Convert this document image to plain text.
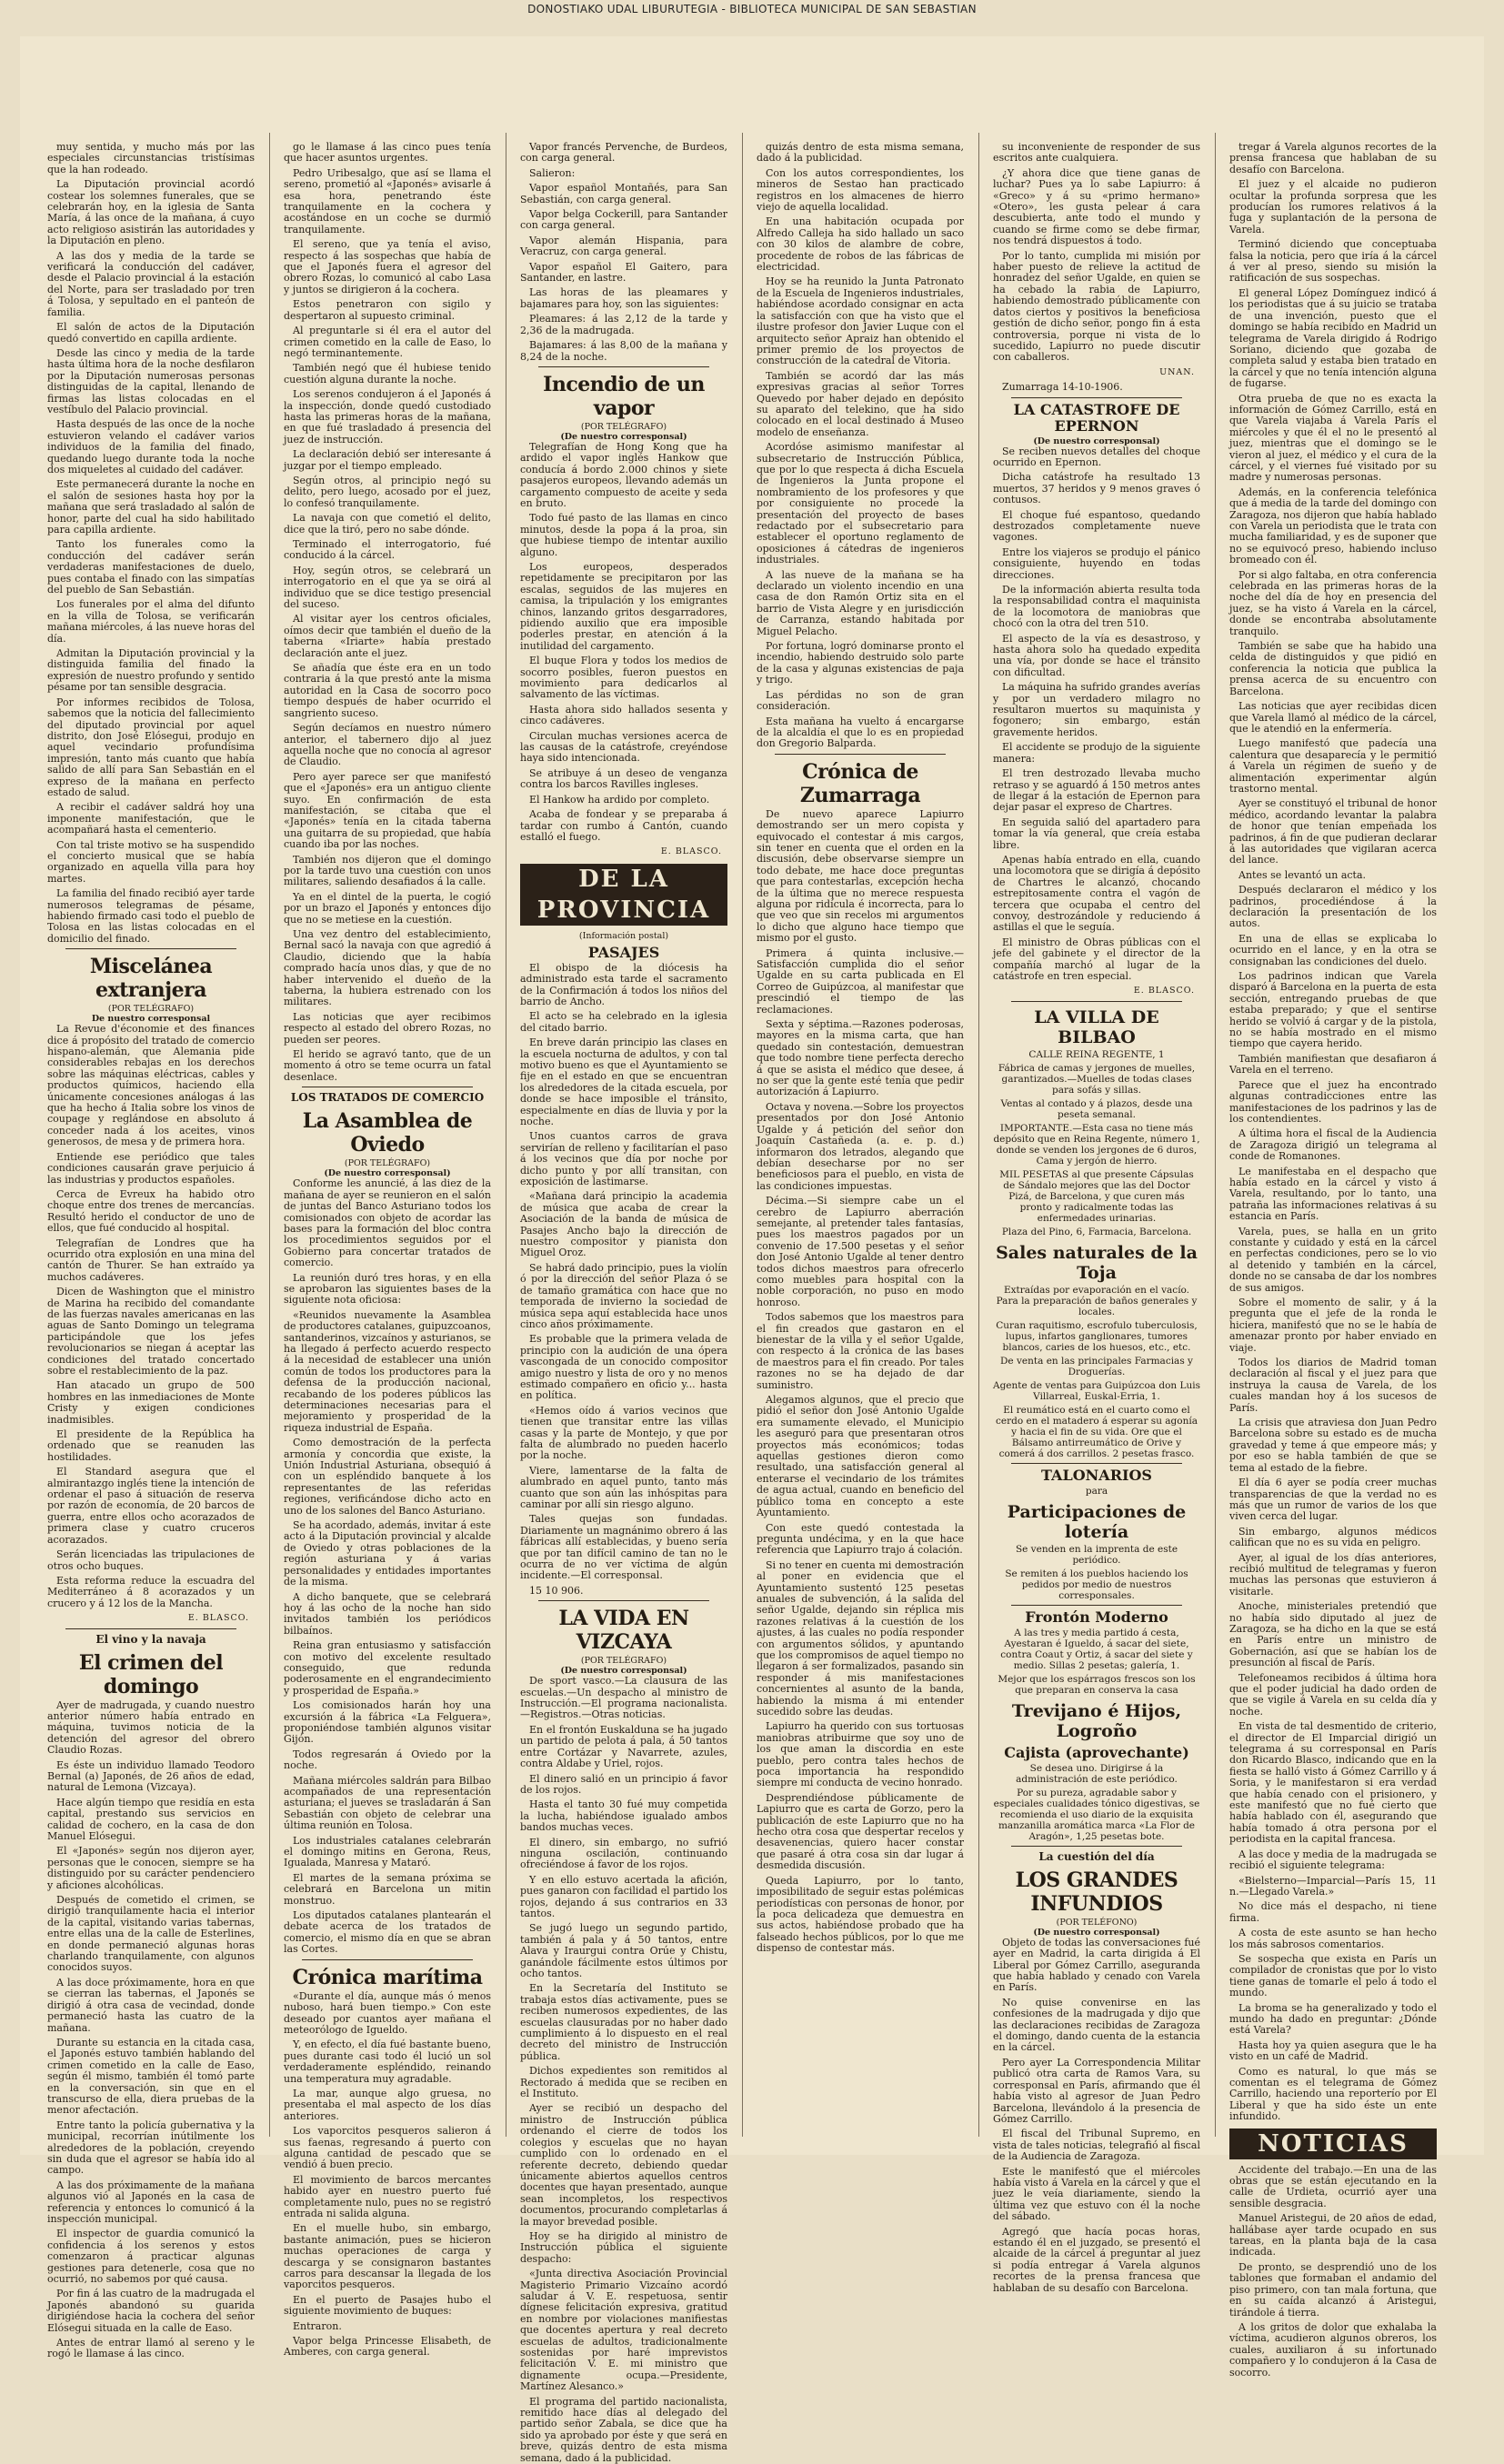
DONOSTIAKO UDAL LIBURUTEGIA - BIBLIOTECA MUNICIPAL DE SAN SEBASTIAN

muy sentida, y mucho más por las especiales circunstancias tristísimas que la han rodeado.

La Diputación provincial acordó costear los solemnes funerales, que se celebrarán hoy, en la iglesia de Santa María, á las once de la mañana, á cuyo acto religioso asistirán las autoridades y la Diputación en pleno.

A las dos y media de la tarde se verificará la conducción del cadáver, desde el Palacio provincial á la estación del Norte, para ser trasladado por tren á Tolosa, y sepultado en el panteón de familia.

El salón de actos de la Diputación quedó convertido en capilla ardiente.

Desde las cinco y media de la tarde hasta última hora de la noche desfilaron por la Diputación numerosas personas distinguidas de la capital, llenando de firmas las listas colocadas en el vestíbulo del Palacio provincial.

Hasta después de las once de la noche estuvieron velando el cadáver varios individuos de la familia del finado, quedando luego durante toda la noche dos miqueletes al cuidado del cadáver.

Este permanecerá durante la noche en el salón de sesiones hasta hoy por la mañana que será trasladado al salón de honor, parte del cual ha sido habilitado para capilla ardiente.

Tanto los funerales como la conducción del cadáver serán verdaderas manifestaciones de duelo, pues contaba el finado con las simpatías del pueblo de San Sebastián.

Los funerales por el alma del difunto en la villa de Tolosa, se verificarán mañana miércoles, á las nueve horas del día.

Admitan la Diputación provincial y la distinguida familia del finado la expresión de nuestro profundo y sentido pésame por tan sensible desgracia.

Por informes recibidos de Tolosa, sabemos que la noticia del fallecimiento del diputado provincial por aquel distrito, don José Elósegui, produjo en aquel vecindario profundísima impresión, tanto más cuanto que había salido de allí para San Sebastián en el expreso de la mañana en perfecto estado de salud.

A recibir el cadáver saldrá hoy una imponente manifestación, que le acompañará hasta el cementerio.

Con tal triste motivo se ha suspendido el concierto musical que se había organizado en aquella villa para hoy martes.

La familia del finado recibió ayer tarde numerosos telegramas de pésame, habiendo firmado casi todo el pueblo de Tolosa en las listas colocadas en el domicilio del finado.

Miscelánea extranjera
(POR TELÉGRAFO)
De nuestro corresponsal

La Revue d'économie et des finances dice á propósito del tratado de comercio hispano-alemán, que Alemania pide considerables rebajas en los derechos sobre las máquinas eléctricas, cables y productos químicos, haciendo ella únicamente concesiones análogas á las que ha hecho á Italia sobre los vinos de coupage y reglándose en absoluto á conceder nada á los aceites, vinos generosos, de mesa y de primera hora.

Entiende ese periódico que tales condiciones causarán grave perjuicio á las industrias y productos españoles.

Cerca de Evreux ha habido otro choque entre dos trenes de mercancías. Resultó herido el conductor de uno de ellos, que fué conducido al hospital.

Telegrafían de Londres que ha ocurrido otra explosión en una mina del cantón de Thurer. Se han extraído ya muchos cadáveres.

Dicen de Washington que el ministro de Marina ha recibido del comandante de las fuerzas navales americanas en las aguas de Santo Domingo un telegrama participándole que los jefes revolucionarios se niegan á aceptar las condiciones del tratado concertado sobre el restablecimiento de la paz.

Han atacado un grupo de 500 hombres en las inmediaciones de Monte Cristy y exigen condiciones inadmisibles.

El presidente de la República ha ordenado que se reanuden las hostilidades.

El Standard asegura que el almirantazgo inglés tiene la intención de ordenar el paso á situación de reserva por razón de economía, de 20 barcos de guerra, entre ellos ocho acorazados de primera clase y cuatro cruceros acorazados.

Serán licenciadas las tripulaciones de otros ocho buques.

Esta reforma reduce la escuadra del Mediterráneo á 8 acorazados y un crucero y á 12 los de la Mancha.

E. BLASCO.
El vino y la navaja
El crimen del domingo

Ayer de madrugada, y cuando nuestro anterior número había entrado en máquina, tuvimos noticia de la detención del agresor del obrero Claudio Rozas.

Es éste un individuo llamado Teodoro Bernal (a) Japonés, de 26 años de edad, natural de Lemona (Vizcaya).

Hace algún tiempo que residía en esta capital, prestando sus servicios en calidad de cochero, en la casa de don Manuel Elósegui.

El «Japonés» según nos dijeron ayer, personas que le conocen, siempre se ha distinguido por su carácter pendenciero y aficiones alcohólicas.

Después de cometido el crimen, se dirigió tranquilamente hacia el interior de la capital, visitando varias tabernas, entre ellas una de la calle de Esterlines, en donde permaneció algunas horas charlando tranquilamente, con algunos conocidos suyos.

A las doce próximamente, hora en que se cierran las tabernas, el Japonés se dirigió á otra casa de vecindad, donde permaneció hasta las cuatro de la mañana.

Durante su estancia en la citada casa, el Japonés estuvo también hablando del crimen cometido en la calle de Easo, según él mismo, también él tomó parte en la conversación, sin que en el transcurso de ella, diera pruebas de la menor afectación.

Entre tanto la policía gubernativa y la municipal, recorrían inútilmente los alrededores de la población, creyendo sin duda que el agresor se había ido al campo.

A las dos próximamente de la mañana algunos vió al Japonés en la casa de referencia y entonces lo comunicó á la inspección municipal.

El inspector de guardia comunicó la confidencia á los serenos y estos comenzaron á practicar algunas gestiones para detenerle, cosa que no ocurrió, no sabemos por qué causa.

Por fin á las cuatro de la madrugada el Japonés abandonó su guarida dirigiéndose hacia la cochera del señor Elósegui situada en la calle de Easo.

Antes de entrar llamó al sereno y le rogó le llamase á las cinco.

go le llamase á las cinco pues tenía que hacer asuntos urgentes.

Pedro Uribesalgo, que así se llama el sereno, prometió al «Japonés» avisarle á esa hora, penetrando éste tranquilamente en la cochera y acostándose en un coche se durmió tranquilamente.

El sereno, que ya tenía el aviso, respecto á las sospechas que había de que el Japonés fuera el agresor del obrero Rozas, lo comunicó al cabo Lasa y juntos se dirigieron á la cochera.

Estos penetraron con sigilo y despertaron al supuesto criminal.

Al preguntarle si él era el autor del crimen cometido en la calle de Easo, lo negó terminantemente.

También negó que él hubiese tenido cuestión alguna durante la noche.

Los serenos condujeron á el Japonés á la inspección, donde quedó custodiado hasta las primeras horas de la mañana, en que fué trasladado á presencia del juez de instrucción.

La declaración debió ser interesante á juzgar por el tiempo empleado.

Según otros, al principio negó su delito, pero luego, acosado por el juez, lo confesó tranquilamente.

La navaja con que cometió el delito, dice que la tiró, pero no sabe dónde.

Terminado el interrogatorio, fué conducido á la cárcel.

Hoy, según otros, se celebrará un interrogatorio en el que ya se oirá al individuo que se dice testigo presencial del suceso.

Al visitar ayer los centros oficiales, oímos decir que también el dueño de la taberna «Iriarte» había prestado declaración ante el juez.

Se añadía que éste era en un todo contraria á la que prestó ante la misma autoridad en la Casa de socorro poco tiempo después de haber ocurrido el sangriento suceso.

Según decíamos en nuestro número anterior, el tabernero dijo al juez aquella noche que no conocía al agresor de Claudio.

Pero ayer parece ser que manifestó que el «Japonés» era un antiguo cliente suyo. En confirmación de esta manifestación, se citaba que el «Japonés» tenía en la citada taberna una guitarra de su propiedad, que había cuando iba por las noches.

También nos dijeron que el domingo por la tarde tuvo una cuestión con unos militares, saliendo desafiados á la calle.

Ya en el dintel de la puerta, le cogió por un brazo el Japonés y entonces dijo que no se metiese en la cuestión.

Una vez dentro del establecimiento, Bernal sacó la navaja con que agredió á Claudio, diciendo que la había comprado hacía unos días, y que de no haber intervenido el dueño de la taberna, la hubiera estrenado con los militares.

Las noticias que ayer recibimos respecto al estado del obrero Rozas, no pueden ser peores.

El herido se agravó tanto, que de un momento á otro se teme ocurra un fatal desenlace.

LOS TRATADOS DE COMERCIO
La Asamblea de Oviedo
(POR TELÉGRAFO)
(De nuestro corresponsal)

Conforme les anuncié, á las diez de la mañana de ayer se reunieron en el salón de juntas del Banco Asturiano todos los comisionados con objeto de acordar las bases para la formación del bloc contra los procedimientos seguidos por el Gobierno para concertar tratados de comercio.

La reunión duró tres horas, y en ella se aprobaron las siguientes bases de la siguiente nota oficiosa:

«Reunidos nuevamente la Asamblea de productores catalanes, guipuzcoanos, santanderinos, vizcaínos y asturianos, se ha llegado á perfecto acuerdo respecto á la necesidad de establecer una unión común de todos los productores para la defensa de la producción nacional, recabando de los poderes públicos las determinaciones necesarias para el mejoramiento y prosperidad de la riqueza industrial de España.

Como demostración de la perfecta armonía y concordia que existe, la Unión Industrial Asturiana, obsequió á con un espléndido banquete á los representantes de las referidas regiones, verificándose dicho acto en uno de los salones del Banco Asturiano.

Se ha acordado, además, invitar á este acto á la Diputación provincial y alcalde de Oviedo y otras poblaciones de la región asturiana y á varias personalidades y entidades importantes de la misma.

A dicho banquete, que se celebrará hoy á las ocho de la noche han sido invitados también los periódicos bilbaínos.

Reina gran entusiasmo y satisfacción con motivo del excelente resultado conseguido, que redunda poderosamente en el engrandecimiento y prosperidad de España.»

Los comisionados harán hoy una excursión á la fábrica «La Felguera», proponiéndose también algunos visitar Gijón.

Todos regresarán á Oviedo por la noche.

Mañana miércoles saldrán para Bilbao acompañados de una representación asturiana; el jueves se trasladarán á San Sebastián con objeto de celebrar una última reunión en Tolosa.

Los industriales catalanes celebrarán el domingo mitins en Gerona, Reus, Igualada, Manresa y Mataró.

El martes de la semana próxima se celebrará en Barcelona un mitin monstruo.

Los diputados catalanes plantearán el debate acerca de los tratados de comercio, el mismo día en que se abran las Cortes.

Crónica marítima

«Durante el día, aunque más ó menos nuboso, hará buen tiempo.» Con este deseado por cuantos ayer mañana el meteorólogo de Igueldo.

Y, en efecto, el día fué bastante bueno, pues durante casi todo él lució un sol verdaderamente espléndido, reinando una temperatura muy agradable.

La mar, aunque algo gruesa, no presentaba el mal aspecto de los días anteriores.

Los vaporcitos pesqueros salieron á sus faenas, regresando á puerto con alguna cantidad de pescado que se vendió á buen precio.

El movimiento de barcos mercantes habido ayer en nuestro puerto fué completamente nulo, pues no se registró entrada ni salida alguna.

En el muelle hubo, sin embargo, bastante animación, pues se hicieron muchas operaciones de carga y descarga y se consignaron bastantes carros para descansar la llegada de los vaporcitos pesqueros.

En el puerto de Pasajes hubo el siguiente movimiento de buques:

Entraron.

Vapor belga Princesse Elisabeth, de Amberes, con carga general.

Vapor francés Pervenche, de Burdeos, con carga general.

Salieron:

Vapor español Montañés, para San Sebastián, con carga general.

Vapor belga Cockerill, para Santander con carga general.

Vapor alemán Hispania, para Veracruz, con carga general.

Vapor español El Gaitero, para Santander, en lastre.

Las horas de las pleamares y bajamares para hoy, son las siguientes:

Pleamares: á las 2,12 de la tarde y 2,36 de la madrugada.

Bajamares: á las 8,00 de la mañana y 8,24 de la noche.

Incendio de un vapor
(POR TELÉGRAFO)
(De nuestro corresponsal)

Telegrafían de Hong Kong que ha ardido el vapor inglés Hankow que conducía á bordo 2.000 chinos y siete pasajeros europeos, llevando además un cargamento compuesto de aceite y seda en bruto.

Todo fué pasto de las llamas en cinco minutos, desde la popa á la proa, sin que hubiese tiempo de intentar auxilio alguno.

Los europeos, desperados repetidamente se precipitaron por las escalas, seguidos de las mujeres en camisa, la tripulación y los emigrantes chinos, lanzando gritos desgarradores, pidiendo auxilio que era imposible poderles prestar, en atención á la inutilidad del cargamento.

El buque Flora y todos los medios de socorro posibles, fueron puestos en movimiento para dedicarlos al salvamento de las víctimas.

Hasta ahora sido hallados sesenta y cinco cadáveres.

Circulan muchas versiones acerca de las causas de la catástrofe, creyéndose haya sido intencionada.

Se atribuye á un deseo de venganza contra los barcos Ravilles ingleses.

El Hankow ha ardido por completo.

Acaba de fondear y se preparaba á tardar con rumbo á Cantón, cuando estalló el fuego.

E. BLASCO.
DE LA PROVINCIA
(Información postal)
PASAJES

El obispo de la diócesis ha administrado esta tarde el sacramento de la Confirmación á todos los niños del barrio de Ancho.

El acto se ha celebrado en la iglesia del citado barrio.

En breve darán principio las clases en la escuela nocturna de adultos, y con tal motivo bueno es que el Ayuntamiento se fije en el estado en que se encuentran los alrededores de la citada escuela, por donde se hace imposible el tránsito, especialmente en días de lluvia y por la noche.

Unos cuantos carros de grava servirían de relleno y facilitarían el paso á los vecinos que día por noche por dicho punto y por allí transitan, con exposición de lastimarse.

«Mañana dará principio la academia de música que acaba de crear la Asociación de la banda de música de Pasajes Ancho bajo la dirección de nuestro compositor y pianista don Miguel Oroz.

Se habrá dado principio, pues la violín ó por la dirección del señor Plaza ó se de tamaño gramática con hace que no temporada de invierno la sociedad de música sepa aquí establecida hace unos cinco años próximamente.

Es probable que la primera velada de principio con la audición de una ópera vascongada de un conocido compositor amigo nuestro y lista de oro y no menos estimado compañero en oficio y... hasta en política.

«Hemos oído á varios vecinos que tienen que transitar entre las villas casas y la parte de Montejo, y que por falta de alumbrado no pueden hacerlo por la noche.

Viere, lamentarse de la falta de alumbrado en aquel punto, tanto más cuanto que son aún las inhóspitas para caminar por allí sin riesgo alguno.

Tales quejas son fundadas. Diariamente un magnánimo obrero á las fábricas allí establecidas, y bueno sería que por tan difícil camino de tan no le ocurra de no ver víctima de algún incidente.—El corresponsal.

15 10 906.

LA VIDA EN VIZCAYA
(POR TELÉGRAFO)
(De nuestro corresponsal)

De sport vasco.—La clausura de las escuelas.—Un despacho al ministro de Instrucción.—El programa nacionalista.—Registros.—Otras noticias.

En el frontón Euskalduna se ha jugado un partido de pelota á pala, á 50 tantos entre Cortázar y Navarrete, azules, contra Aldabe y Uriel, rojos.

El dinero salió en un principio á favor de los rojos.

Hasta el tanto 30 fué muy competida la lucha, habiéndose igualado ambos bandos muchas veces.

El dinero, sin embargo, no sufrió ninguna oscilación, continuando ofreciéndose á favor de los rojos.

Y en ello estuvo acertada la afición, pues ganaron con facilidad el partido los rojos, dejando á sus contrarios en 33 tantos.

Se jugó luego un segundo partido, también á pala y á 50 tantos, entre Alava y Iraurgui contra Orúe y Chistu, ganándole fácilmente estos últimos por ocho tantos.

En la Secretaría del Instituto se trabaja estos días activamente, pues se reciben numerosos expedientes, de las escuelas clausuradas por no haber dado cumplimiento á lo dispuesto en el real decreto del ministro de Instrucción pública.

Dichos expedientes son remitidos al Rectorado á medida que se reciben en el Instituto.

Ayer se recibió un despacho del ministro de Instrucción pública ordenando el cierre de todos los colegios y escuelas que no hayan cumplido con lo ordenado en el referente decreto, debiendo quedar únicamente abiertos aquellos centros docentes que hayan presentado, aunque sean incompletos, los respectivos documentos, procurando completarlas á la mayor brevedad posible.

Hoy se ha dirigido al ministro de Instrucción pública el siguiente despacho:

«Junta directiva Asociación Provincial Magisterio Primario Vizcaíno acordó saludar á V. E. respetuosa, sentir dígnese felicitación expresiva, gratitud en nombre por violaciones manifiestas que docentes apertura y real decreto escuelas de adultos, tradicionalmente sostenidas por haré imprevistos felicitación V. E. mi ministro que dignamente ocupa.—Presidente, Martínez Alesanco.»

El programa del partido nacionalista, remitido hace días al delegado del partido señor Zabala, se dice que ha sido ya aprobado por éste y que será en breve, quizás dentro de esta misma semana, dado á la publicidad.

quizás dentro de esta misma semana, dado á la publicidad.

Con los autos correspondientes, los mineros de Sestao han practicado registros en los almacenes de hierro viejo de aquella localidad.

En una habitación ocupada por Alfredo Calleja ha sido hallado un saco con 30 kilos de alambre de cobre, procedente de robos de las fábricas de electricidad.

Hoy se ha reunido la Junta Patronato de la Escuela de Ingenieros industriales, habiéndose acordado consignar en acta la satisfacción con que ha visto que el ilustre profesor don Javier Luque con el arquitecto señor Apraiz han obtenido el primer premio de los proyectos de construcción de la catedral de Vitoria.

También se acordó dar las más expresivas gracias al señor Torres Quevedo por haber dejado en depósito su aparato del telekino, que ha sido colocado en el local destinado á Museo modelo de enseñanza.

Acordóse asimismo manifestar al subsecretario de Instrucción Pública, que por lo que respecta á dicha Escuela de Ingenieros la Junta propone el nombramiento de los profesores y que por consiguiente no procede la presentación del proyecto de bases redactado por el subsecretario para establecer el oportuno reglamento de oposiciones á cátedras de ingenieros industriales.

A las nueve de la mañana se ha declarado un violento incendio en una casa de don Ramón Ortiz sita en el barrio de Vista Alegre y en jurisdicción de Carranza, estando habitada por Miguel Pelacho.

Por fortuna, logró dominarse pronto el incendio, habiendo destruido solo parte de la casa y algunas existencias de paja y trigo.

Las pérdidas no son de gran consideración.

Esta mañana ha vuelto á encargarse de la alcaldía el que lo es en propiedad don Gregorio Balparda.

Crónica de Zumarraga

De nuevo aparece Lapiurro demostrando ser un mero copista y equivocado el contestar á mis cargos, sin tener en cuenta que el orden en la discusión, debe observarse siempre un todo debate, me hace doce preguntas que para contestarlas, excepción hecha de la última que no merece respuesta alguna por ridícula é incorrecta, para lo que veo que sin recelos mi argumentos lo dicho que alguno hace tiempo que mismo por el gusto.

Primera á quinta inclusive.—Satisfacción cumplida dio el señor Ugalde en su carta publicada en El Correo de Guipúzcoa, al manifestar que prescindió el tiempo de las reclamaciones.

Sexta y séptima.—Razones poderosas, mayores en la misma carta, que han quedado sin contestación, demuestran que todo nombre tiene perfecta derecho á que se asista el médico que desee, á no ser que la gente esté tenía que pedir autorización á Lapiurro.

Octava y novena.—Sobre los proyectos presentados por don José Antonio Ugalde y á petición del señor don Joaquín Castañeda (a. e. p. d.) informaron dos letrados, alegando que debían desecharse por no ser beneficiosos para el pueblo, en vista de las condiciones impuestas.

Décima.—Si siempre cabe un el cerebro de Lapiurro aberración semejante, al pretender tales fantasías, pues los maestros pagados por un convenio de 17.500 pesetas y el señor don José Antonio Ugalde al tener dentro todos dichos maestros para ofrecerlo como muebles para hospital con la noble corporación, no puso en modo honroso.

Todos sabemos que los maestros para el fin creados que gastaron en el bienestar de la villa y el señor Ugalde, con respecto á la crónica de las bases de maestros para el fin creado. Por tales razones no se ha dejado de dar suministro.

Alegamos algunos, que el precio que pidió el señor don José Antonio Ugalde era sumamente elevado, el Municipio les aseguró para que presentaran otros proyectos más económicos; todas aquellas gestiones dieron como resultado, una satisfacción general al enterarse el vecindario de los trámites de agua actual, cuando en beneficio del público toma en concepto a este Ayuntamiento.

Con este quedó contestada la pregunta undécima, y en la que hace referencia que Lapiurro trajo á colación.

Si no tener en cuenta mi demostración al poner en evidencia que el Ayuntamiento sustentó 125 pesetas anuales de subvención, á la salida del señor Ugalde, dejando sin réplica mis razones relativas á la cuestión de los ajustes, á las cuales no podía responder con argumentos sólidos, y apuntando que los compromisos de aquel tiempo no llegaron á ser formalizados, pasando sin responder á mis manifestaciones concernientes al asunto de la banda, habiendo la misma á mi entender sucedido sobre las deudas.

Lapiurro ha querido con sus tortuosas maniobras atribuirme que soy uno de los que aman la discordia en este pueblo, pero contra tales hechos de poca importancia ha respondido siempre mi conducta de vecino honrado.

Desprendiéndose públicamente de Lapiurro que es carta de Gorzo, pero la publicación de este Lapiurro que no ha hecho otra cosa que despertar recelos y desavenencias, quiero hacer constar que pasaré á otra cosa sin dar lugar á desmedida discusión.

Queda Lapiurro, por lo tanto, imposibilitado de seguir estas polémicas periodísticas con personas de honor, por la poca delicadeza que demuestra en sus actos, habiéndose probado que ha falseado hechos públicos, por lo que me dispenso de contestar más.

su inconveniente de responder de sus escritos ante cualquiera.

¿Y ahora dice que tiene ganas de luchar? Pues ya lo sabe Lapiurro: á «Greco» y á su «primo hermano» «Otero», les gusta pelear á cara descubierta, ante todo el mundo y cuando se firme como se debe firmar, nos tendrá dispuestos á todo.

Por lo tanto, cumplida mi misión por haber puesto de relieve la actitud de honradez del señor Ugalde, en quien se ha cebado la rabia de Lapiurro, habiendo demostrado públicamente con datos ciertos y positivos la beneficiosa gestión de dicho señor, pongo fin á esta controversia, porque ni vista de lo sucedido, Lapiurro no puede discutir con caballeros.

UNAN.

Zumarraga 14-10-1906.

LA CATASTROFE DE EPERNON
(De nuestro corresponsal)

Se reciben nuevos detalles del choque ocurrido en Epernon.

Dicha catástrofe ha resultado 13 muertos, 37 heridos y 9 menos graves ó contusos.

El choque fué espantoso, quedando destrozados completamente nueve vagones.

Entre los viajeros se produjo el pánico consiguiente, huyendo en todas direcciones.

De la información abierta resulta toda la responsabilidad contra el maquinista de la locomotora de maniobras que chocó con la otra del tren 510.

El aspecto de la vía es desastroso, y hasta ahora solo ha quedado expedita una vía, por donde se hace el tránsito con dificultad.

La máquina ha sufrido grandes averías y por un verdadero milagro no resultaron muertos su maquinista y fogonero; sin embargo, están gravemente heridos.

El accidente se produjo de la siguiente manera:

El tren destrozado llevaba mucho retraso y se aguardó á 150 metros antes de llegar á la estación de Epernon para dejar pasar el expreso de Chartres.

En seguida salió del apartadero para tomar la vía general, que creía estaba libre.

Apenas había entrado en ella, cuando una locomotora que se dirigía á depósito de Chartres le alcanzó, chocando estrepitosamente contra el vagón de tercera que ocupaba el centro del convoy, destrozándole y reduciendo á astillas el que le seguía.

El ministro de Obras públicas con el jefe del gabinete y el director de la compañía marchó al lugar de la catástrofe en tren especial.

E. BLASCO.
LA VILLA DE BILBAO
CALLE REINA REGENTE, 1
Fábrica de camas y jergones de muelles, garantizados.—Muelles de todas clases para sofás y sillas.
Ventas al contado y á plazos, desde una peseta semanal.
IMPORTANTE.—Esta casa no tiene más depósito que en Reina Regente, número 1, donde se venden los jergones de 6 duros, Cama y jergón de hierro.
MIL PESETAS al que presente Cápsulas de Sándalo mejores que las del Doctor Pizá, de Barcelona, y que curen más pronto y radicalmente todas las enfermedades urinarias.
Plaza del Pino, 6, Farmacia, Barcelona.
Sales naturales de la Toja
Extraídas por evaporación en el vacío. Para la preparación de baños generales y locales.
Curan raquitismo, escrofulo tuberculosis, lupus, infartos ganglionares, tumores blancos, caries de los huesos, etc., etc.
De venta en las principales Farmacias y Droguerías.
Agente de ventas para Guipúzcoa don Luis Villarreal, Euskal-Erria, 1.
El reumático está en el cuarto como el cerdo en el matadero á esperar su agonía y hacia el fin de su vida. Ore que el Bálsamo antirreumático de Orive y comerá á dos carrillos. 2 pesetas frasco.
TALONARIOS
para
Participaciones de lotería
Se venden en la imprenta de este periódico.
Se remiten á los pueblos haciendo los pedidos por medio de nuestros corresponsales.
Frontón Moderno
A las tres y media partido á cesta, Ayestaran é Igueldo, á sacar del siete, contra Coaut y Ortiz, á sacar del siete y medio. Sillas 2 pesetas; galería, 1.
Mejor que los espárragos frescos son los que preparan en conserva la casa
Trevijano é Hijos, Logroño
Cajista (aprovechante)
Se desea uno. Dirigirse á la administración de este periódico.
Por su pureza, agradable sabor y especiales cualidades tónico digestivas, se recomienda el uso diario de la exquisita manzanilla aromática marca «La Flor de Aragón», 1,25 pesetas bote.
La cuestión del día
LOS GRANDES INFUNDIOS
(POR TELÉFONO)
(De nuestro corresponsal)

Objeto de todas las conversaciones fué ayer en Madrid, la carta dirigida á El Liberal por Gómez Carrillo, aseguranda que había hablado y cenado con Varela en París.

No quise convenirse en las confesiones de la madrugada y dijo que las declaraciones recibidas de Zaragoza el domingo, dando cuenta de la estancia en la cárcel.

Pero ayer La Correspondencia Militar publicó otra carta de Ramos Vara, su corresponsal en París, afirmando que él había visto al agresor de Juan Pedro Barcelona, llevándolo á la presencia de Gómez Carrillo.

El fiscal del Tribunal Supremo, en vista de tales noticias, telegrafió al fiscal de la Audiencia de Zaragoza.

Este le manifestó que el miércoles había visto á Varela en la cárcel y que el juez le veía diariamente, siendo la última vez que estuvo con él la noche del sábado.

Agregó que hacía pocas horas, estando él en el juzgado, se presentó el alcaide de la cárcel á preguntar al juez si podía entregar á Varela algunos recortes de la prensa francesa que hablaban de su desafío con Barcelona.

tregar á Varela algunos recortes de la prensa francesa que hablaban de su desafío con Barcelona.

El juez y el alcaide no pudieron ocultar la profunda sorpresa que les producían los rumores relativos á la fuga y suplantación de la persona de Varela.

Terminó diciendo que conceptuaba falsa la noticia, pero que iría á la cárcel á ver al preso, siendo su misión la ratificación de sus sospechas.

El general López Domínguez indicó á los periodistas que á su juicio se trataba de una invención, puesto que el domingo se había recibido en Madrid un telegrama de Varela dirigido á Rodrigo Soriano, diciendo que gozaba de completa salud y estaba bien tratado en la cárcel y que no tenía intención alguna de fugarse.

Otra prueba de que no es exacta la información de Gómez Carrillo, está en que Varela viajaba á Varela París el miércoles y que él el no le presentó al juez, mientras que el domingo se le vieron al juez, el médico y el cura de la cárcel, y el viernes fué visitado por su madre y numerosas personas.

Además, en la conferencia telefónica que á media de la tarde del domingo con Zaragoza, nos dijeron que había hablado con Varela un periodista que le trata con mucha familiaridad, y es de suponer que no se equivocó preso, habiendo incluso bromeado con él.

Por si algo faltaba, en otra conferencia celebrada en las primeras horas de la noche del día de hoy en presencia del juez, se ha visto á Varela en la cárcel, donde se encontraba absolutamente tranquilo.

También se sabe que ha habido una celda de distinguidos y que pidió en conferencia la noticia que publica la prensa acerca de su encuentro con Barcelona.

Las noticias que ayer recibidas dicen que Varela llamó al médico de la cárcel, que le atendió en la enfermería.

Luego manifestó que padecía una calentura que desaparecía y le permitió á Varela un régimen de sueño y de alimentación experimentar algún trastorno mental.

Ayer se constituyó el tribunal de honor médico, acordando levantar la palabra de honor que tenían empeñada los padrinos, á fin de que pudieran declarar á las autoridades que vigilaran acerca del lance.

Antes se levantó un acta.

Después declararon el médico y los padrinos, procediéndose á la declaración la presentación de los autos.

En una de ellas se explicaba lo ocurrido en el lance, y en la otra se consignaban las condiciones del duelo.

Los padrinos indican que Varela disparó á Barcelona en la puerta de esta sección, entregando pruebas de que estaba preparado; y que el sentirse herido se volvió á cargar y de la pistola, no se había mostrado en el mismo tiempo que cayera herido.

También manifiestan que desafiaron á Varela en el terreno.

Parece que el juez ha encontrado algunas contradicciones entre las manifestaciones de los padrinos y las de los contendientes.

A última hora el fiscal de la Audiencia de Zaragoza dirigió un telegrama al conde de Romanones.

Le manifestaba en el despacho que había estado en la cárcel y visto á Varela, resultando, por lo tanto, una patraña las informaciones relativas á su estancia en París.

Varela, pues, se halla en un grito constante y cuidado y está en la cárcel en perfectas condiciones, pero se lo vio al detenido y también en la cárcel, donde no se cansaba de dar los nombres de sus amigos.

Sobre el momento de salir, y á la pregunta que el jefe de la ronda le hiciera, manifestó que no se le había de amenazar pronto por haber enviado en viaje.

Todos los diarios de Madrid toman declaración al fiscal y el juez para que instruya la causa de Varela, de los cuales mandan hoy á los sucesos de París.

La crisis que atraviesa don Juan Pedro Barcelona sobre su estado es de mucha gravedad y teme á que empeore más; y por eso se habla también de que se tema al estado de la fiebre.

El día 6 ayer se podía creer muchas transparencias de que la verdad no es más que un rumor de varios de los que viven cerca del lugar.

Sin embargo, algunos médicos califican que no es su vida en peligro.

Ayer, al igual de los días anteriores, recibió multitud de telegramas y fueron muchas las personas que estuvieron á visitarle.

Anoche, ministeriales pretendió que no había sido diputado al juez de Zaragoza, se ha dicho en la que se está en París entre un ministro de Gobernación, así que se habían los de presunción al fiscal de París.

Telefoneamos recibidos á última hora que el poder judicial ha dado orden de que se vigile á Varela en su celda día y noche.

En vista de tal desmentido de criterio, el director de El Imparcial dirigió un telegrama á su corresponsal en París don Ricardo Blasco, indicando que en la fiesta se halló visto á Gómez Carrillo y á Soria, y le manifestaron si era verdad que había cenado con el prisionero, y este manifestó que no fué cierto que había hablado con él, asegurando que había tomado á otra persona por el periodista en la capital francesa.

A las doce y media de la madrugada se recibió el siguiente telegrama:

«Bielsterno—Imparcial—París 15, 11 n.—Llegado Varela.»

No dice más el despacho, ni tiene firma.

A costa de este asunto se han hecho los más sabrosos comentarios.

Se sospecha que exista en París un compilador de cronistas que por lo visto tiene ganas de tomarle el pelo á todo el mundo.

La broma se ha generalizado y todo el mundo ha dado en preguntar: ¿Dónde está Varela?

Hasta hoy ya quien asegura que le ha visto en un café de Madrid.

Como es natural, lo que más se comentan es el telegrama de Gómez Carrillo, haciendo una reporterío por El Liberal y que ha sido éste un ente infundido.

NOTICIAS

Accidente del trabajo.—En una de las obras que se están ejecutando en la calle de Urdieta, ocurrió ayer una sensible desgracia.

Manuel Aristegui, de 20 años de edad, hallábase ayer tarde ocupado en sus tareas, en la planta baja de la casa indicada.

De pronto, se desprendió uno de los tablones que formaban el andamio del piso primero, con tan mala fortuna, que en su caída alcanzó á Aristegui, tirándole á tierra.

A los gritos de dolor que exhalaba la víctima, acudieron algunos obreros, los cuales, auxiliaron á su infortunado compañero y lo condujeron á la Casa de socorro.
